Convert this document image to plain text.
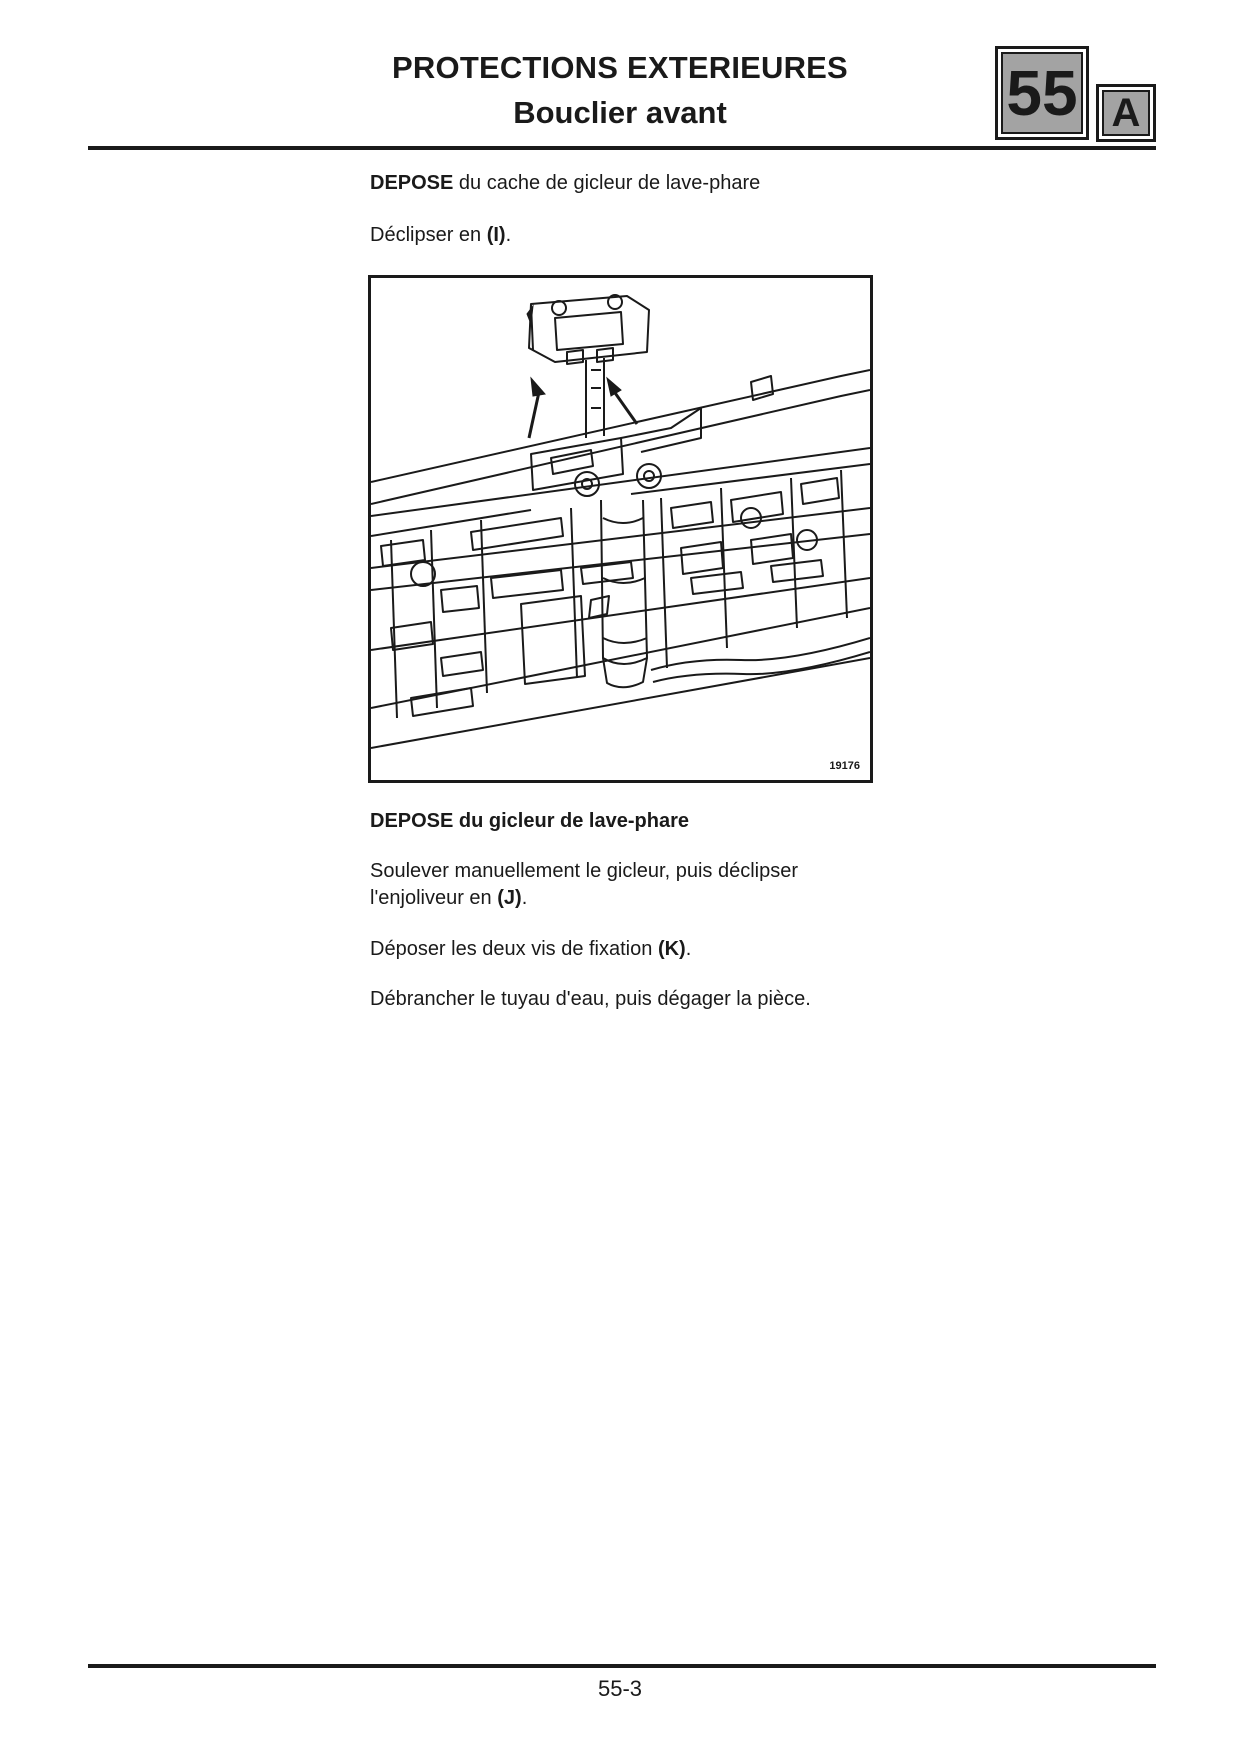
PROTECTIONS EXTERIEURES
Bouclier avant	55 A

DEPOSE du cache de gicleur de lave-phare

Déclipser en (I).

19176

DEPOSE du gicleur de lave-phare

Soulever manuellement le gicleur, puis déclipser
l'enjoliveur en (J).

Déposer les deux vis de fixation (K).

Débrancher le tuyau d'eau, puis dégager la pièce.

55-3
